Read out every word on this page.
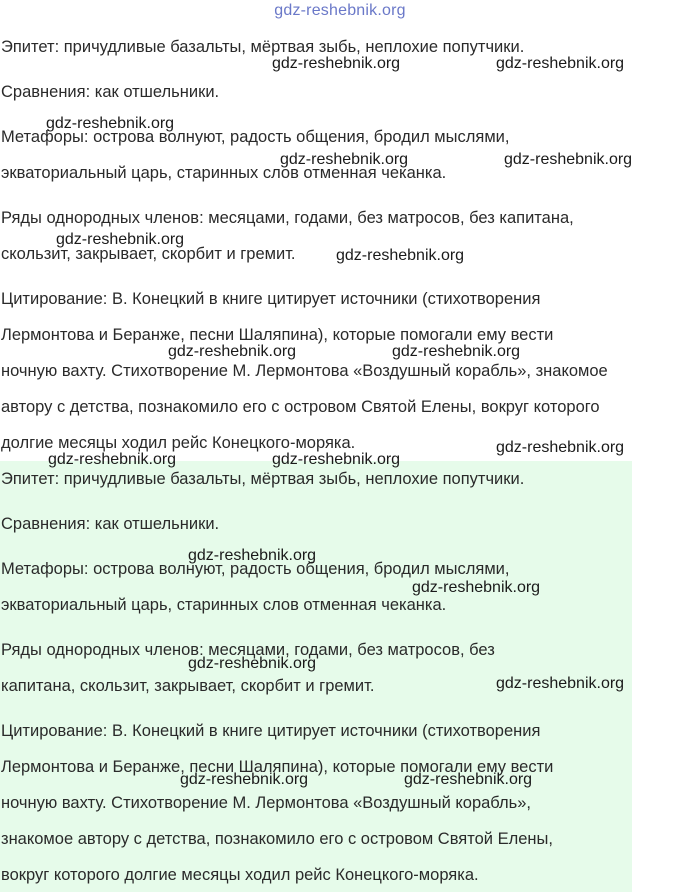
gdz-reshebnik.org

Эпитет: причудливые базальты, мёртвая зыбь, неплохие попутчики.

Сравнения: как отшельники.

Метафоры: острова волнуют, радость общения, бродил мыслями,

экваториальный царь, старинных слов отменная чеканка.

Ряды однородных членов: месяцами, годами, без матросов, без капитана,

скользит, закрывает, скорбит и гремит.

Цитирование: В. Конецкий в книге цитирует источники (стихотворения

Лермонтова и Беранже, песни Шаляпина), которые помогали ему вести

ночную вахту. Стихотворение М. Лермонтова «Воздушный корабль», знакомое

автору с детства, познакомило его с островом Святой Елены, вокруг которого

долгие месяцы ходил рейс Конецкого-моряка.

Эпитет: причудливые базальты, мёртвая зыбь, неплохие попутчики.

Сравнения: как отшельники.

Метафоры: острова волнуют, радость общения, бродил мыслями,

экваториальный царь, старинных слов отменная чеканка.

Ряды однородных членов: месяцами, годами, без матросов, без

капитана, скользит, закрывает, скорбит и гремит.

Цитирование: В. Конецкий в книге цитирует источники (стихотворения

Лермонтова и Беранже, песни Шаляпина), которые помогали ему вести

ночную вахту. Стихотворение М. Лермонтова «Воздушный корабль»,

знакомое автору с детства, познакомило его с островом Святой Елены,

вокруг которого долгие месяцы ходил рейс Конецкого-моряка.

gdz-reshebnik.org	gdz-reshebnik.org
gdz-reshebnik.org
gdz-reshebnik.org	gdz-reshebnik.org
gdz-reshebnik.org
gdz-reshebnik.org
gdz-reshebnik.org	gdz-reshebnik.org
gdz-reshebnik.org
gdz-reshebnik.org	gdz-reshebnik.org
gdz-reshebnik.org
gdz-reshebnik.org
gdz-reshebnik.org
gdz-reshebnik.org
gdz-reshebnik.org	gdz-reshebnik.org
